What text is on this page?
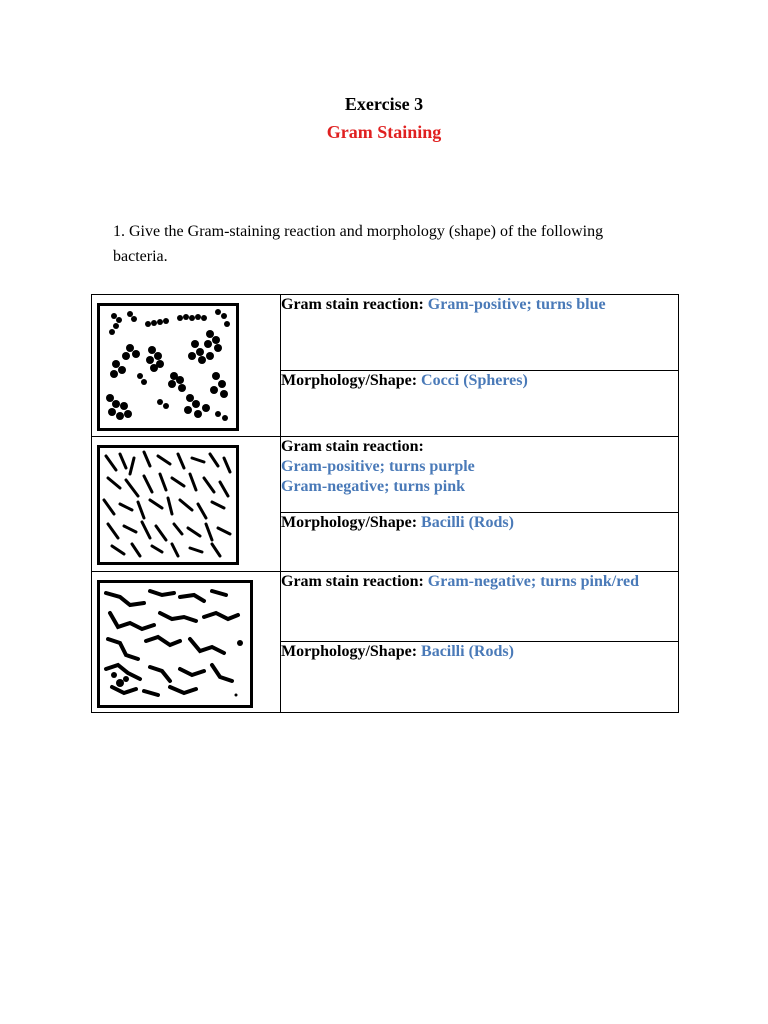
Exercise 3
Gram Staining
1. Give the Gram-staining reaction and morphology (shape) of the following bacteria.
	Gram stain reaction: Gram-positive; turns blue
	Morphology/Shape: Cocci (Spheres)

Gram stain reaction:
Gram-positive; turns purple
Gram-negative; turns pink

	Morphology/Shape: Bacilli (Rods)

	Gram stain reaction: Gram-negative; turns pink/red
	Morphology/Shape: Bacilli (Rods)
